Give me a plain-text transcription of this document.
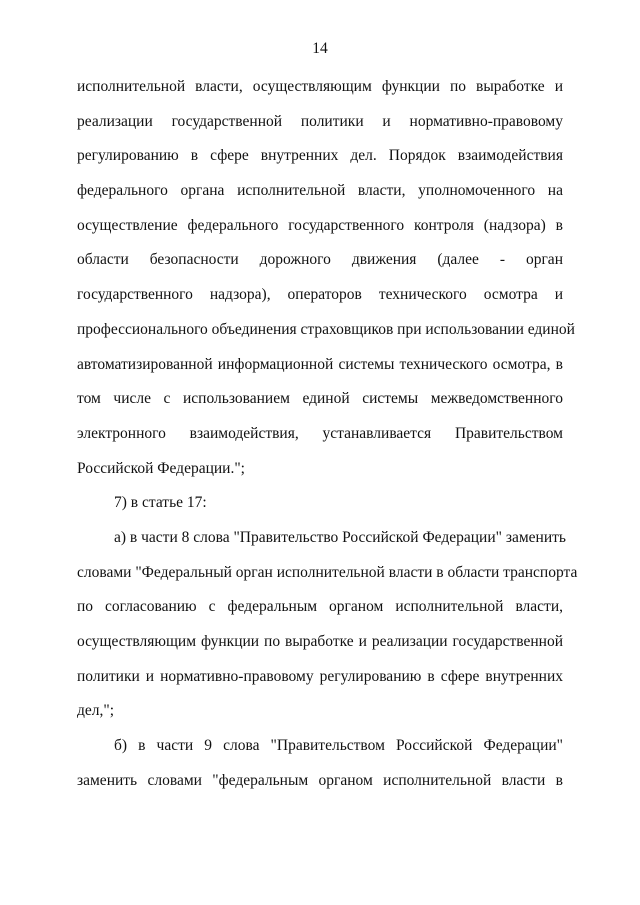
14
исполнительной власти, осуществляющим функции по выработке и
реализации государственной политики и нормативно-правовому
регулированию в сфере внутренних дел. Порядок взаимодействия
федерального органа исполнительной власти, уполномоченного на
осуществление федерального государственного контроля (надзора) в
области безопасности дорожного движения (далее - орган
государственного надзора), операторов технического осмотра и
профессионального объединения страховщиков при использовании единой
автоматизированной информационной системы технического осмотра, в
том числе с использованием единой системы межведомственного
электронного взаимодействия, устанавливается Правительством
Российской Федерации.";
7) в статье 17:
а) в части 8 слова "Правительство Российской Федерации" заменить
словами "Федеральный орган исполнительной власти в области транспорта
по согласованию с федеральным органом исполнительной власти,
осуществляющим функции по выработке и реализации государственной
политики и нормативно-правовому регулированию в сфере внутренних
дел,";
б) в части 9 слова "Правительством Российской Федерации"
заменить словами "федеральным органом исполнительной власти в
